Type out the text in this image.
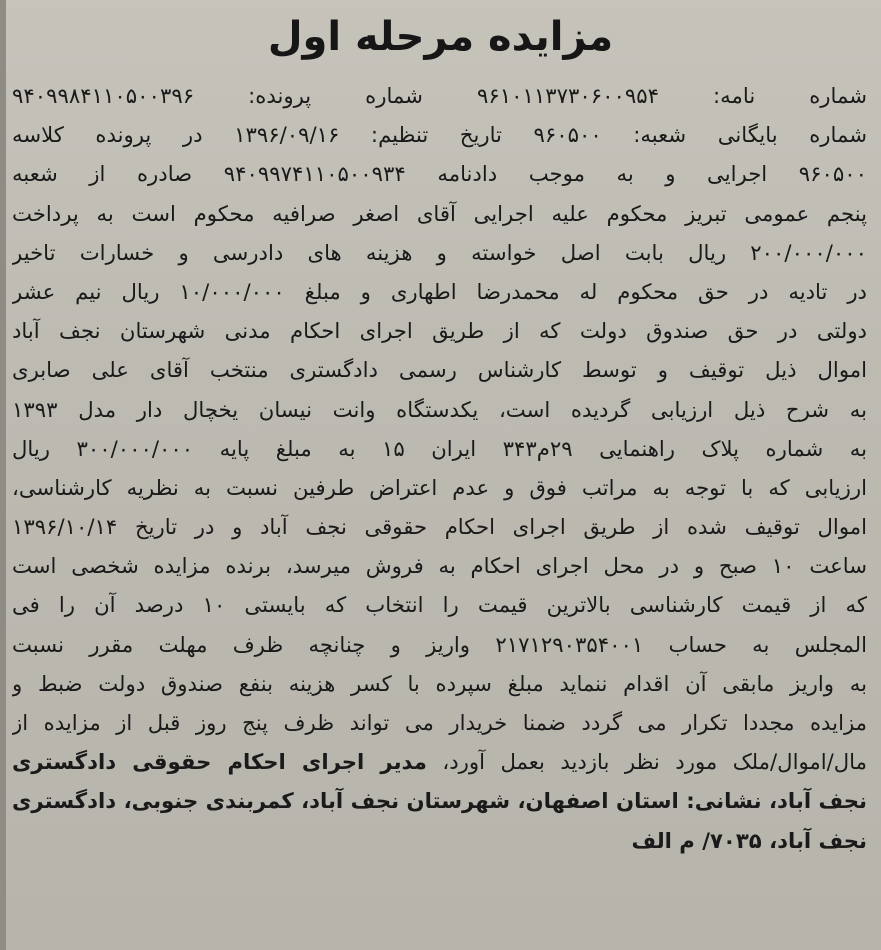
مزایده مرحله اول
شماره نامه: ۹۶۱۰۱۱۳۷۳۰۶۰۰۹۵۴ شماره پرونده: ۹۴۰۹۹۸۴۱۱۰۵۰۰۳۹۶
شماره بایگانی شعبه: ۹۶۰۵۰۰ تاریخ تنظیم: ۱۳۹۶/۰۹/۱۶ در پرونده کلاسه
۹۶۰۵۰۰ اجرایی و به موجب دادنامه ۹۴۰۹۹۷۴۱۱۰۵۰۰۹۳۴ صادره از شعبه
پنجم عمومی تبریز محکوم علیه اجرایی آقای اصغر صرافیه محکوم است به پرداخت
۲۰۰/۰۰۰/۰۰۰ ریال بابت اصل خواسته و هزینه های دادرسی و خسارات تاخیر
در تادیه در حق محکوم له محمدرضا اطهاری و مبلغ ۱۰/۰۰۰/۰۰۰ ریال نیم عشر
دولتی در حق صندوق دولت که از طریق اجرای احکام مدنی شهرستان نجف آباد
اموال ذیل توقیف و توسط کارشناس رسمی دادگستری منتخب آقای علی صابری
به شرح ذیل ارزیابی گردیده است، یکدستگاه وانت نیسان یخچال دار مدل ۱۳۹۳
به شماره پلاک راهنمایی ۲۹م۳۴۳ ایران ۱۵ به مبلغ پایه ۳۰۰/۰۰۰/۰۰۰ ریال
ارزیابی که با توجه به مراتب فوق و عدم اعتراض طرفین نسبت به نظریه کارشناسی،
اموال توقیف شده از طریق اجرای احکام حقوقی نجف آباد و در تاریخ ۱۳۹۶/۱۰/۱۴
ساعت ۱۰ صبح و در محل اجرای احکام به فروش میرسد، برنده مزایده شخصی است
که از قیمت کارشناسی بالاترین قیمت را انتخاب که بایستی ۱۰ درصد آن را فی
المجلس به حساب ۲۱۷۱۲۹۰۳۵۴۰۰۱ واریز و چنانچه ظرف مهلت مقرر نسبت
به واریز مابقی آن اقدام ننماید مبلغ سپرده با کسر هزینه بنفع صندوق دولت ضبط و
مزایده مجددا تکرار می گردد ضمنا خریدار می تواند ظرف پنج روز قبل از مزایده از
مال/اموال/ملک مورد نظر بازدید بعمل آورد، مدیر اجرای احکام حقوقی دادگستری
نجف آباد، نشانی: استان اصفهان، شهرستان نجف آباد، کمربندی جنوبی، دادگستری
نجف آباد، ۷۰۳۵/ م الف
